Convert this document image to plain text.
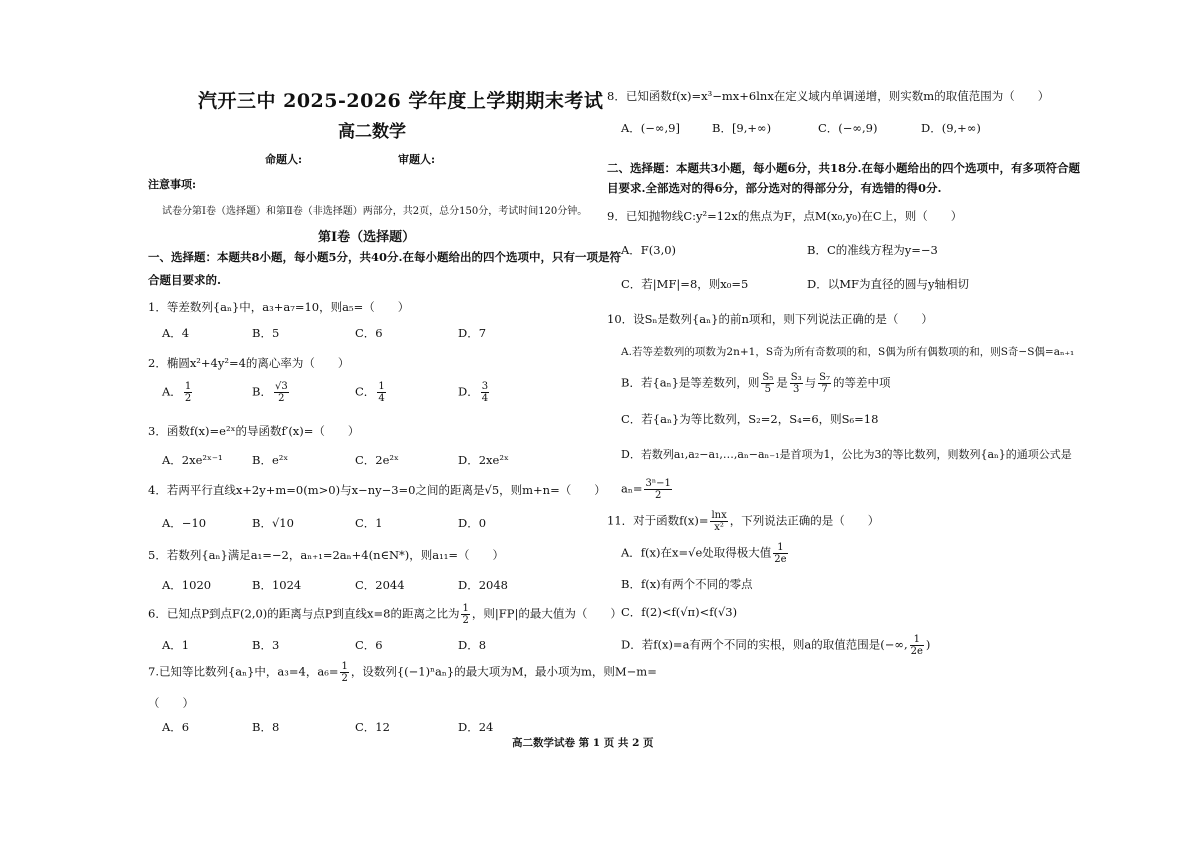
汽开三中 2025-2026 学年度上学期期末考试
高二数学
命题人:	审题人:
注意事项:
试卷分第Ⅰ卷（选择题）和第Ⅱ卷（非选择题）两部分，共2页，总分150分，考试时间120分钟。
第Ⅰ卷（选择题）
一、选择题：本题共8小题，每小题5分，共40分.在每小题给出的四个选项中，只有一项是符
合题目要求的.
1．等差数列{aₙ}中，a₃+a₇=10，则a₅=（　　）
A．4	B．5	C．6	D．7
2．椭圆x²+4y²=4的离心率为（　　）
A． $\frac{1}{2}$	B． $\frac{√3}{2}$	C． $\frac{1}{4}$	D． $\frac{3}{4}$
3．函数f(x)=e²ˣ的导函数f′(x)=（　　）
A．2xe²ˣ⁻¹	B．e²ˣ	C．2e²ˣ	D．2xe²ˣ
4．若两平行直线x+2y+m=0(m>0)与x−ny−3=0之间的距离是√5，则m+n=（　　）
A．−10	B．√10	C．1	D．0
5．若数列{aₙ}满足a₁=−2，aₙ₊₁=2aₙ+4(n∈N*)，则a₁₁=（　　）
A．1020	B．1024	C．2044	D．2048
6．已知点P到点F(2,0)的距离与点P到直线x=8的距离之比为 $\frac{1}{2}$ ，则|FP|的最大值为（　　）
A．1	B．3	C．6	D．8
7.已知等比数列{aₙ}中，a₃=4，$a_6= \frac{1}{2}$ ，设数列{(−1)ⁿaₙ}的最大项为M，最小项为m，则M−m=
（　　）
A．6	B．8	C．12	D．24
8．已知函数f(x)=x³−mx+6lnx在定义域内单调递增，则实数m的取值范围为（　　）
A．(−∞,9]	B．[9,+∞)	C．(−∞,9)	D．(9,+∞)
二、选择题：本题共3小题，每小题6分，共18分.在每小题给出的四个选项中，有多项符合题
目要求.全部选对的得6分，部分选对的得部分分，有选错的得0分.
9．已知抛物线C:y²=12x的焦点为F，点M(x₀,y₀)在C上，则（　　）
A．F(3,0)	B．C的准线方程为y=−3
C．若|MF|=8，则x₀=5	D．以MF为直径的圆与y轴相切
10．设Sₙ是数列{aₙ}的前n项和，则下列说法正确的是（　　）
A.若等差数列的项数为2n+1，S奇为所有奇数项的和，S偶为所有偶数项的和，则S奇−S偶=aₙ₊₁
B．若{aₙ}是等差数列，则 $\frac{\text{S₅}}{5}$ 是 $\frac{\text{S₃}}{3}$ 与 $\frac{\text{S₇}}{7}$ 的等差中项
C．若{aₙ}为等比数列，S₂=2，S₄=6，则S₆=18
D．若数列a₁,a₂−a₁,…,aₙ−aₙ₋₁是首项为1，公比为3的等比数列，则数列{aₙ}的通项公式是
$a_n= \frac{\text{3ⁿ−1}}{2}$
11．对于函数$f(x)= \frac{\ln x}{\text{x²}}$ ，下列说法正确的是（　　）
A．f(x)在x=√e处取得极大值 $\frac{1}{2e}$
B．f(x)有两个不同的零点
C．f(2)<f(√π)<f(√3)
D．若f(x)=a有两个不同的实根，则a的取值范围是(−∞, $\frac{1}{2e}$ )
高二数学试卷 第 1 页 共 2 页
